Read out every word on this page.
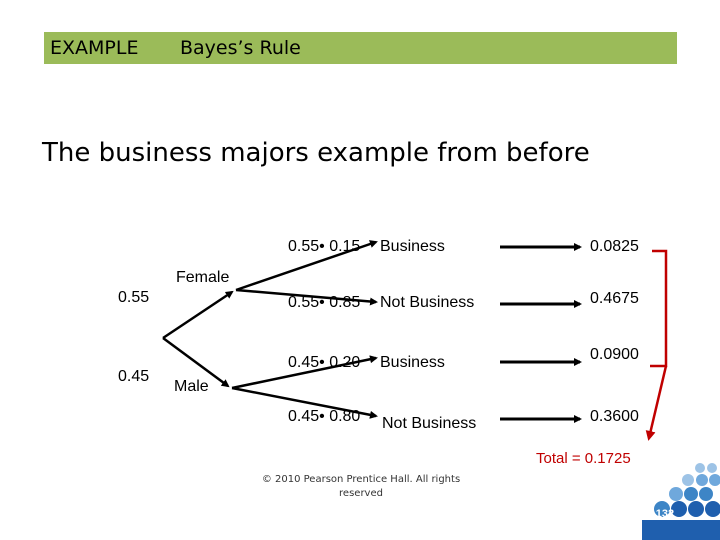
EXAMPLE Bayes’s Rule
The business majors example from before
0.55
0.45
Female
Male
0.55• 0.15 Business	0.0825
0.55• 0.85 Not Business	0.4675
0.45• 0.20 Business	0.0900
0.45• 0.80 Not Business	0.3600
Total = 0.1725
© 2010 Pearson Prentice Hall. All rights reserved
5-132
